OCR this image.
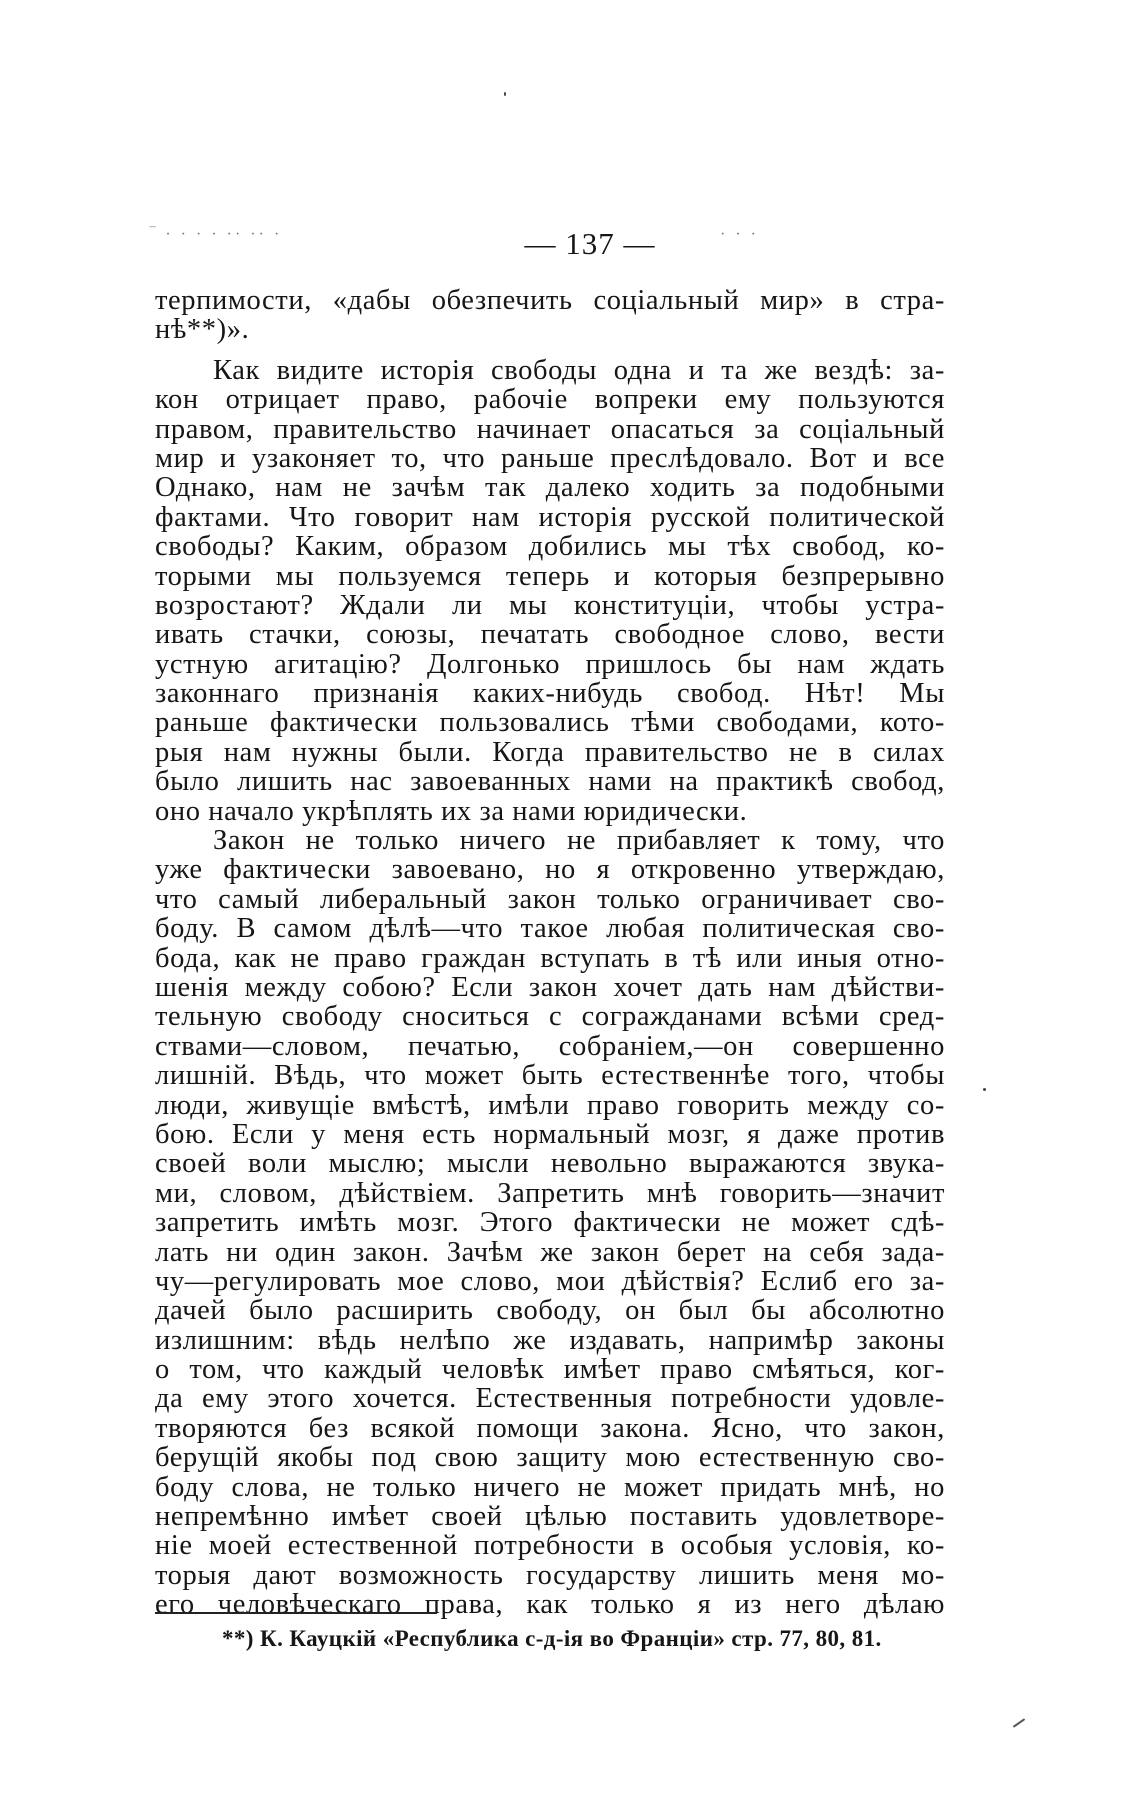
‾ · · · · ·· ·· ·	· · ·
— 137 —
терпимости, «дабы обезпечить соціальный мир» в стра-
нѣ**)».
Как видите исторія свободы одна и та же вездѣ: за-
кон отрицает право, рабочіе вопреки ему пользуются
правом, правительство начинает опасаться за соціальный
мир и узаконяет то, что раньше преслѣдовало. Вот и все
Однако, нам не зачѣм так далеко ходить за подобными
фактами. Что говорит нам исторія русской политической
свободы? Каким, образом добились мы тѣх свобод, ко-
торыми мы пользуемся теперь и которыя безпрерывно
возростают? Ждали ли мы конституціи, чтобы устра-
ивать стачки, союзы, печатать свободное слово, вести
устную агитацію? Долгонько пришлось бы нам ждать
законнаго признанія каких-нибудь свобод. Нѣт! Мы
раньше фактически пользовались тѣми свободами, кото-
рыя нам нужны были. Когда правительство не в силах
было лишить нас завоеванных нами на практикѣ свобод,
оно начало укрѣплять их за нами юридически.
Закон не только ничего не прибавляет к тому, что
уже фактически завоевано, но я откровенно утверждаю,
что самый либеральный закон только ограничивает сво-
боду. В самом дѣлѣ—что такое любая политическая сво-
бода, как не право граждан вступать в тѣ или иныя отно-
шенія между собою? Если закон хочет дать нам дѣйстви-
тельную свободу сноситься с согражданами всѣми сред-
ствами—словом, печатью, собраніем,—он совершенно
лишній. Вѣдь, что может быть естественнѣе того, чтобы
люди, живущіе вмѣстѣ, имѣли право говорить между со-
бою. Если у меня есть нормальный мозг, я даже против
своей воли мыслю; мысли невольно выражаются звука-
ми, словом, дѣйствіем. Запретить мнѣ говорить—значит
запретить имѣть мозг. Этого фактически не может сдѣ-
лать ни один закон. Зачѣм же закон берет на себя зада-
чу—регулировать мое слово, мои дѣйствія? Еслиб его за-
дачей было расширить свободу, он был бы абсолютно
излишним: вѣдь нелѣпо же издавать, напримѣр законы
о том, что каждый человѣк имѣет право смѣяться, ког-
да ему этого хочется. Естественныя потребности удовле-
творяются без всякой помощи закона. Ясно, что закон,
берущій якобы под свою защиту мою естественную сво-
боду слова, не только ничего не может придать мнѣ, но
непремѣнно имѣет своей цѣлью поставить удовлетворе-
ніе моей естественной потребности в особыя условія, ко-
торыя дают возможность государству лишить меня мо-
его человѣческаго права, как только я из него дѣлаю
**) К. Кауцкій «Республика с-д-ія во Франціи» стр. 77, 80, 81.
